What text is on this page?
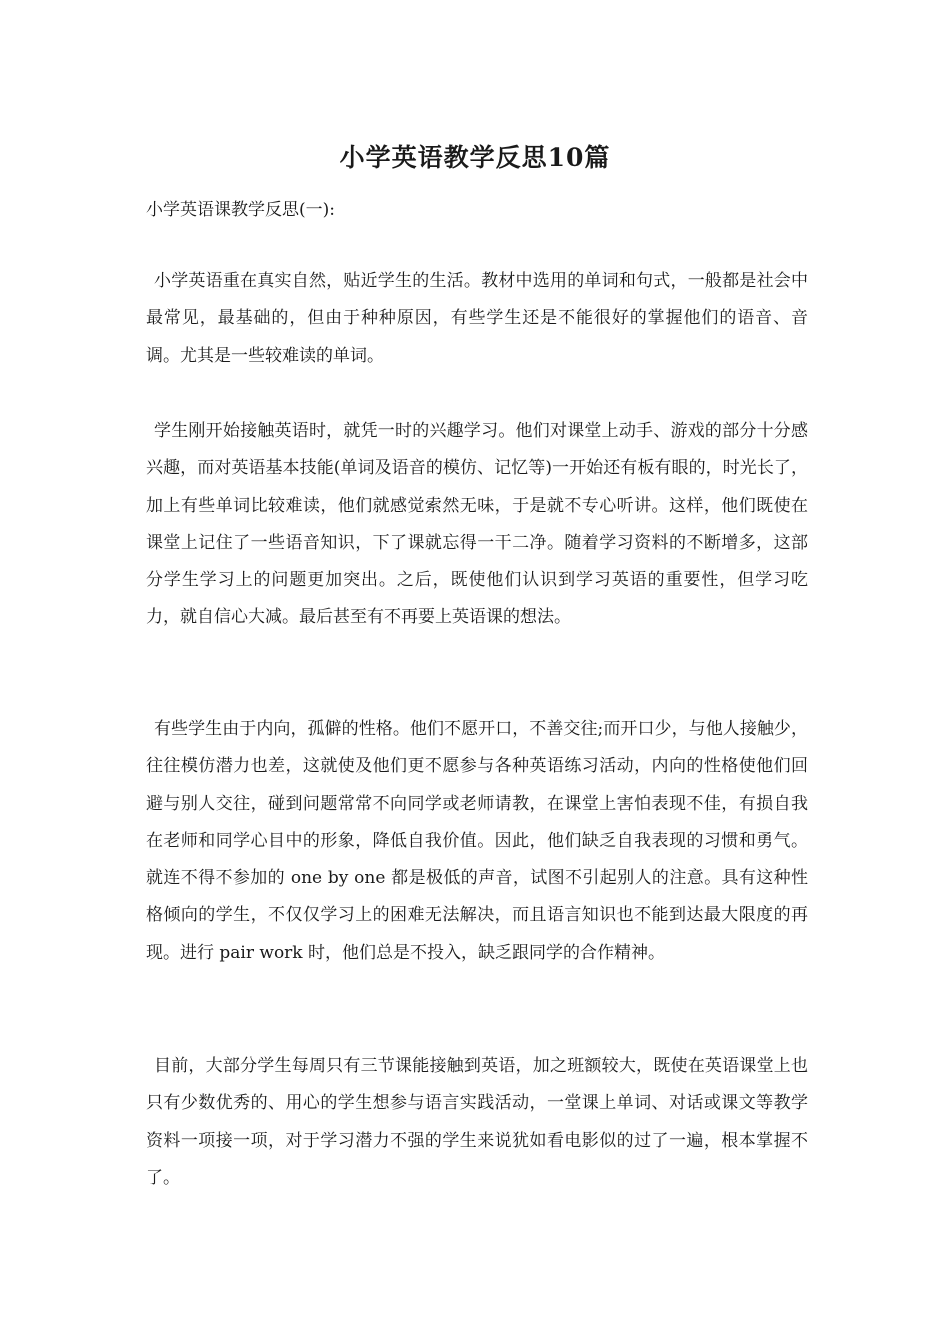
小学英语教学反思10篇
小学英语课教学反思(一):

小学英语重在真实自然，贴近学生的生活。教材中选用的单词和句式，一般都是社会中最常见，最基础的，但由于种种原因，有些学生还是不能很好的掌握他们的语音、音调。尤其是一些较难读的单词。

学生刚开始接触英语时，就凭一时的兴趣学习。他们对课堂上动手、游戏的部分十分感兴趣，而对英语基本技能(单词及语音的模仿、记忆等)一开始还有板有眼的，时光长了，加上有些单词比较难读，他们就感觉索然无味，于是就不专心听讲。这样，他们既使在课堂上记住了一些语音知识，下了课就忘得一干二净。随着学习资料的不断增多，这部分学生学习上的问题更加突出。之后，既使他们认识到学习英语的重要性，但学习吃力，就自信心大减。最后甚至有不再要上英语课的想法。

有些学生由于内向，孤僻的性格。他们不愿开口，不善交往;而开口少，与他人接触少，往往模仿潜力也差，这就使及他们更不愿参与各种英语练习活动，内向的性格使他们回避与别人交往，碰到问题常常不向同学或老师请教，在课堂上害怕表现不佳，有损自我在老师和同学心目中的形象，降低自我价值。因此，他们缺乏自我表现的习惯和勇气。就连不得不参加的 one by one 都是极低的声音，试图不引起别人的注意。具有这种性格倾向的学生，不仅仅学习上的困难无法解决，而且语言知识也不能到达最大限度的再现。进行 pair work 时，他们总是不投入，缺乏跟同学的合作精神。

目前，大部分学生每周只有三节课能接触到英语，加之班额较大，既使在英语课堂上也只有少数优秀的、用心的学生想参与语言实践活动，一堂课上单词、对话或课文等教学资料一项接一项，对于学习潜力不强的学生来说犹如看电影似的过了一遍，根本掌握不了。
